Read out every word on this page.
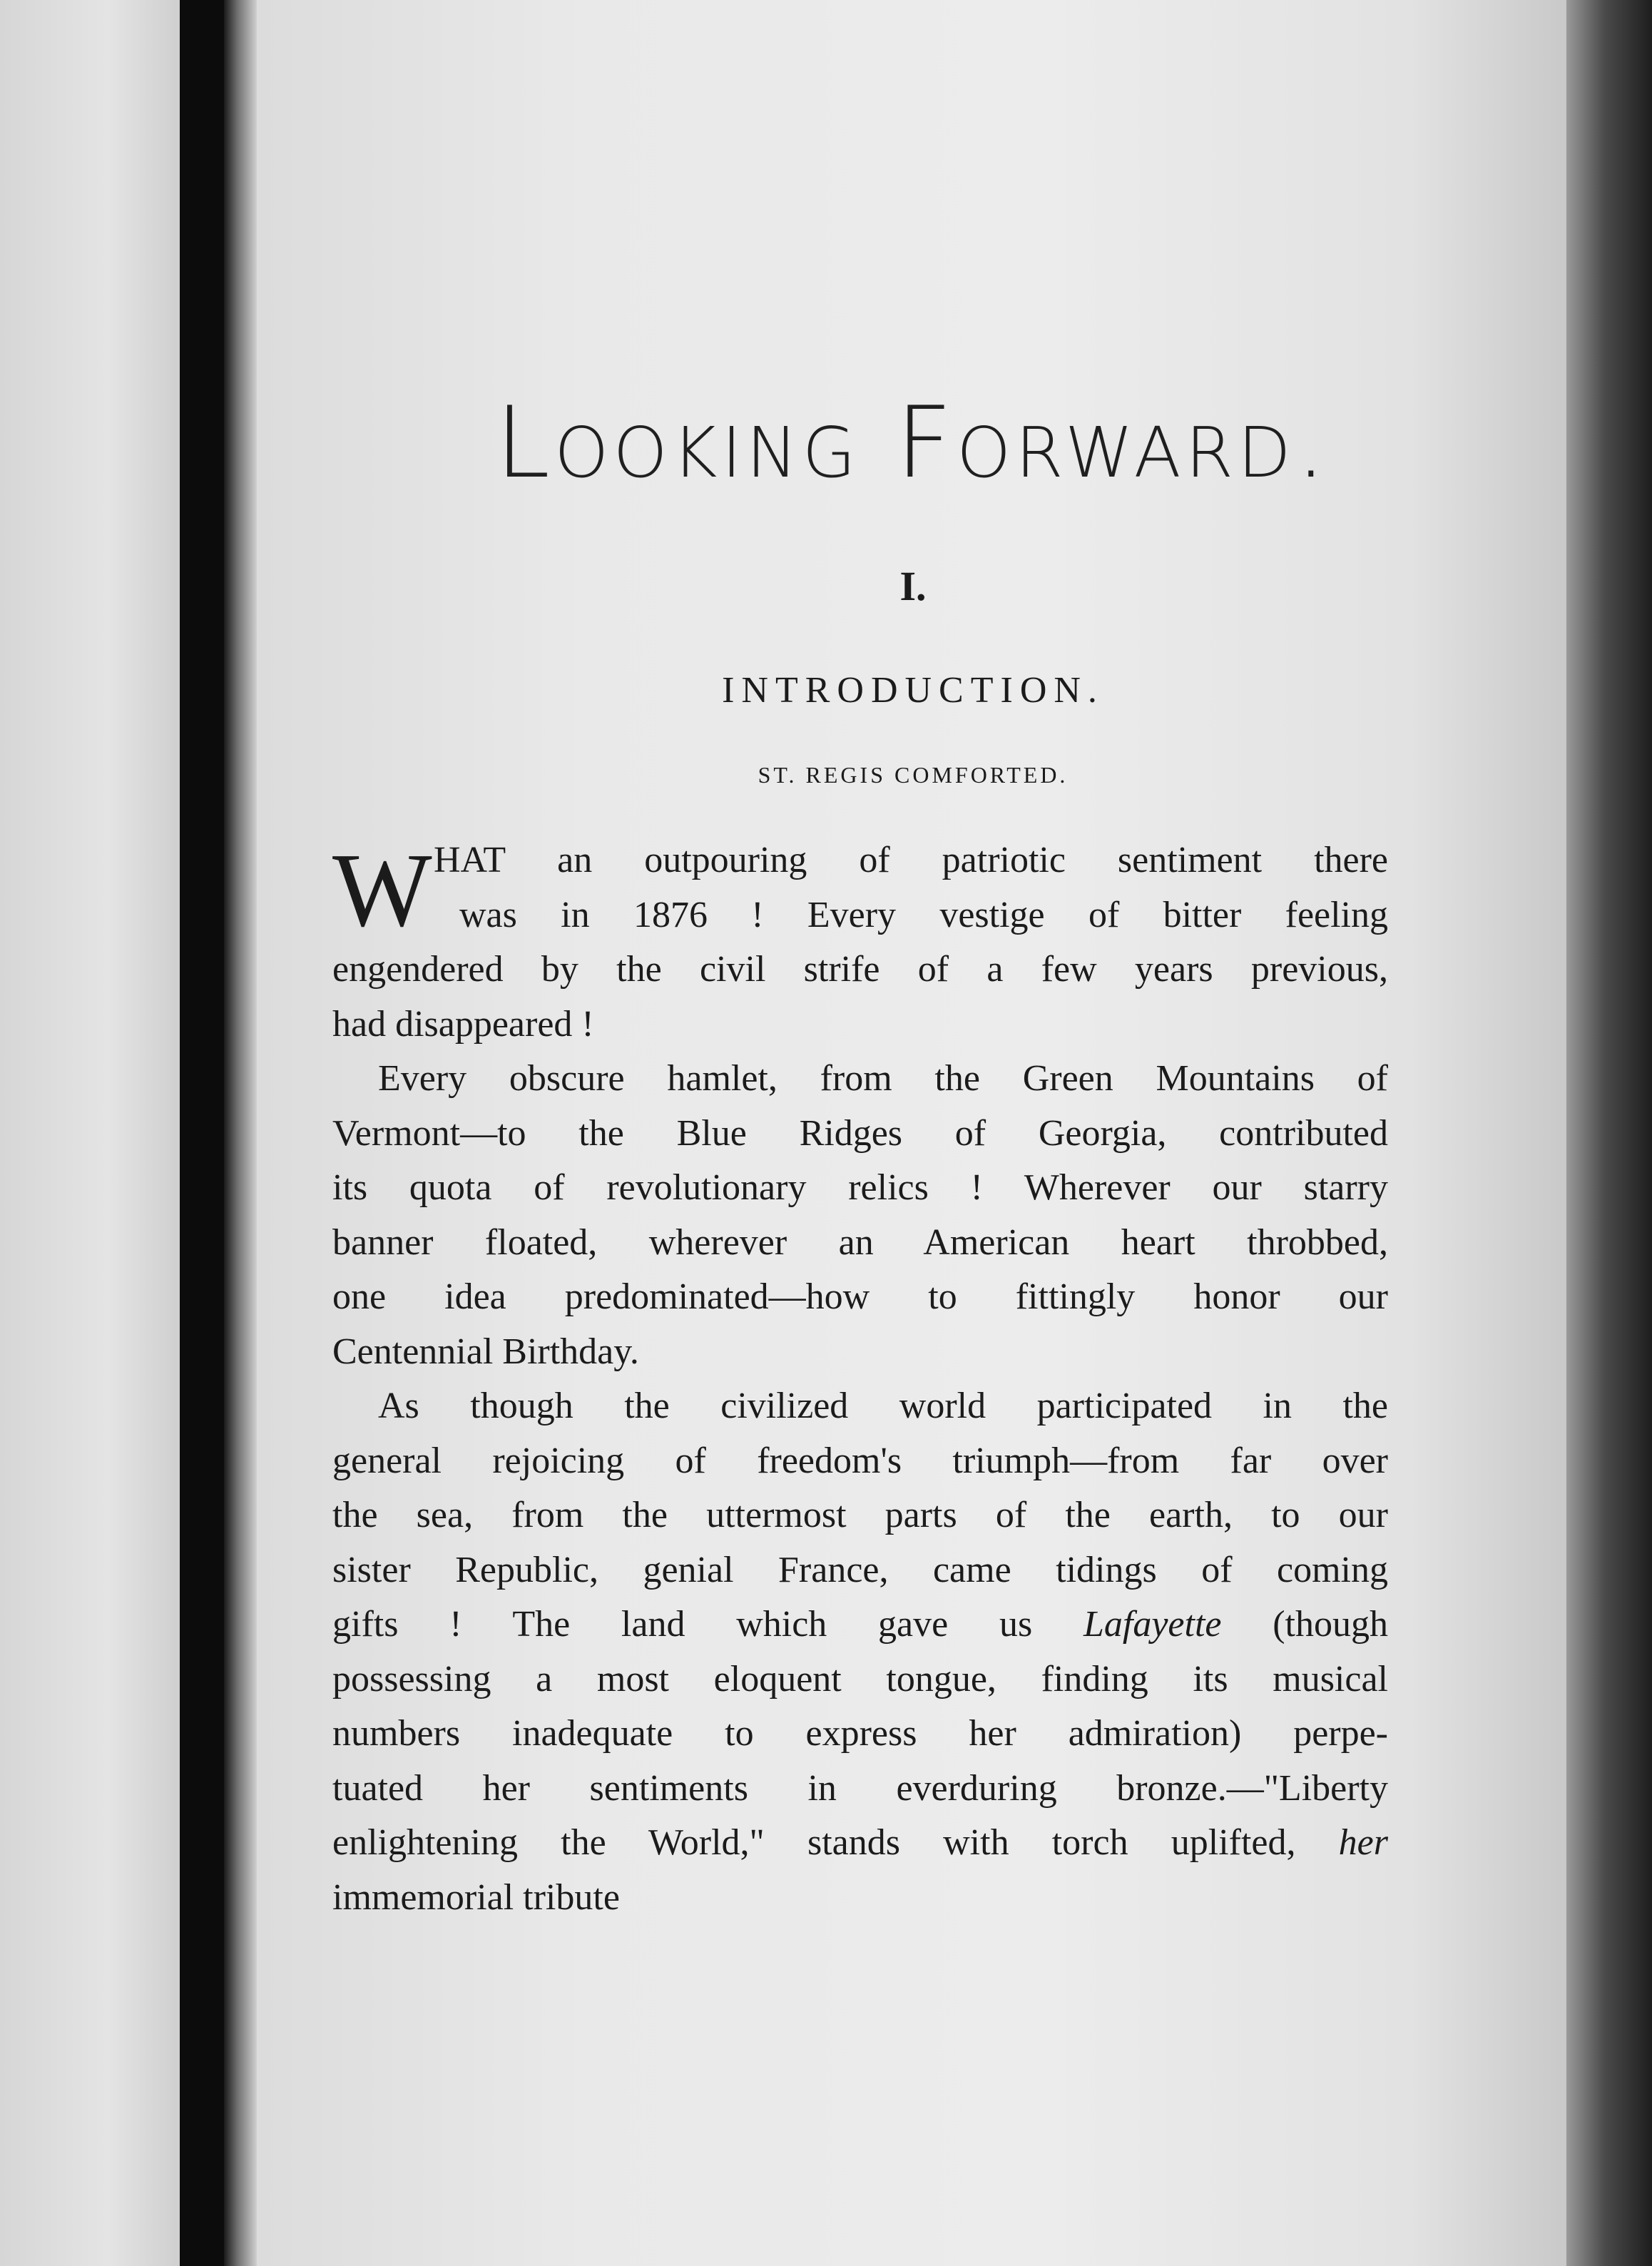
Looking Forward.
I.
INTRODUCTION.
ST. REGIS COMFORTED.
W HAT an outpouring of patriotic sentiment there
was in 1876 ! Every vestige of bitter feeling
engendered by the civil strife of a few years previous,
had disappeared !
Every obscure hamlet, from the Green Mountains of
Vermont—to the Blue Ridges of Georgia, contributed
its quota of revolutionary relics ! Wherever our starry
banner floated, wherever an American heart throbbed,
one idea predominated—how to fittingly honor our
Centennial Birthday.
As though the civilized world participated in the
general rejoicing of freedom's triumph—from far over
the sea, from the uttermost parts of the earth, to our
sister Republic, genial France, came tidings of coming
gifts ! The land which gave us Lafayette (though
possessing a most eloquent tongue, finding its musical
numbers inadequate to express her admiration) perpe-
tuated her sentiments in everduring bronze.—"Liberty
enlightening the World," stands with torch uplifted, her
immemorial tribute
